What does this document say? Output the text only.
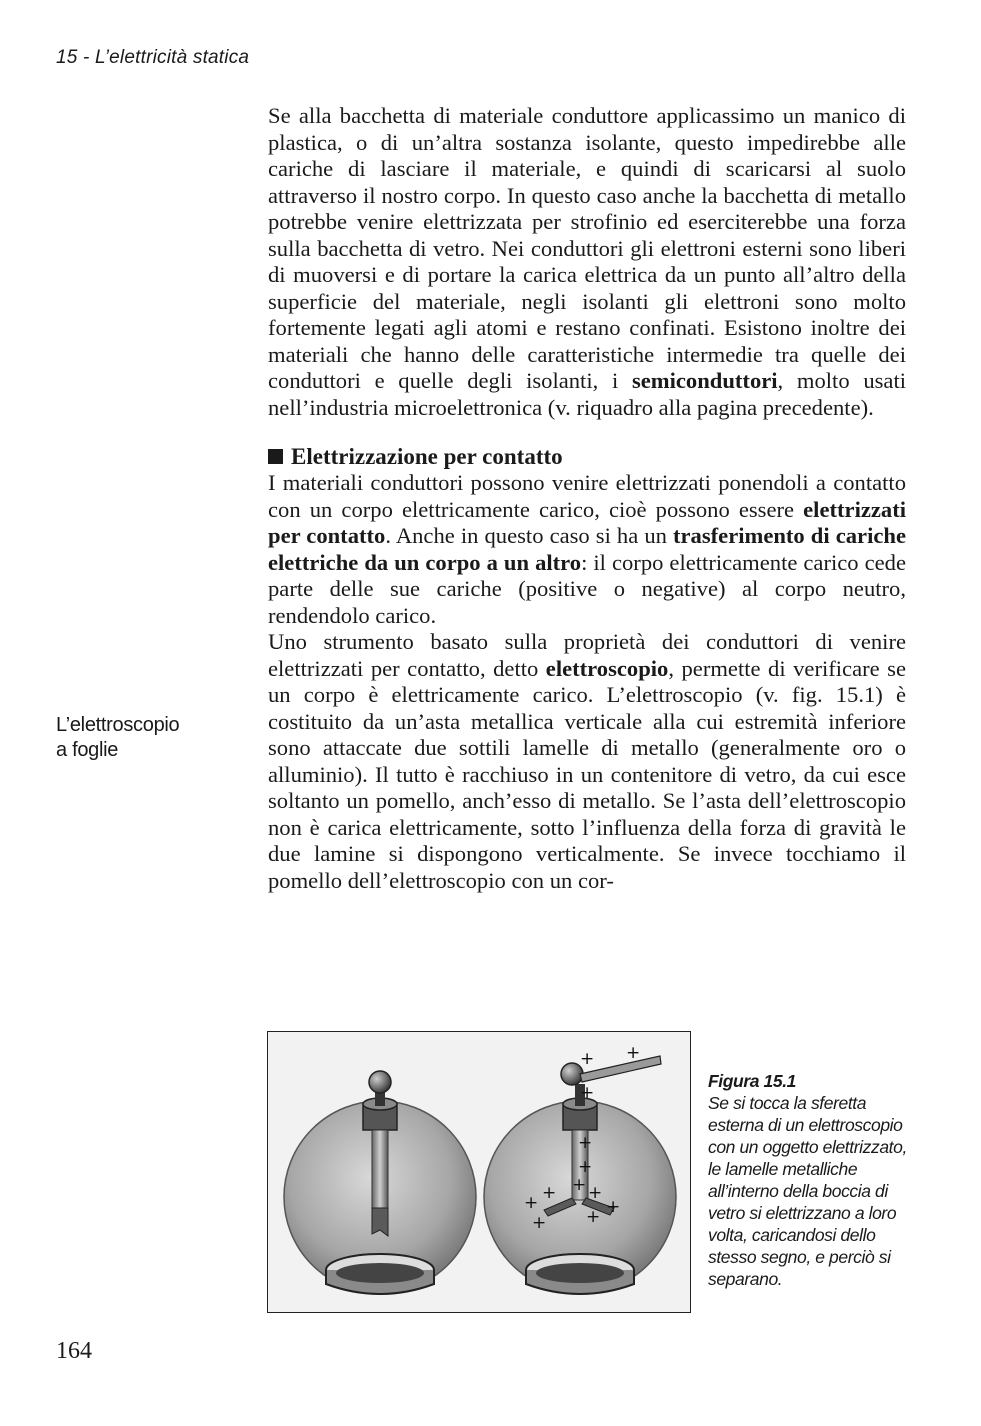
15 - L’elettricità statica

Se alla bacchetta di materiale conduttore applicassimo un manico di plastica, o di un’altra sostanza isolante, questo impedirebbe alle cariche di lasciare il materiale, e quindi di scaricarsi al suolo attraverso il nostro corpo. In questo caso anche la bacchetta di metallo potrebbe venire elettrizzata per strofinio ed eserciterebbe una forza sulla bacchetta di vetro. Nei conduttori gli elettroni esterni sono liberi di muoversi e di portare la carica elettrica da un punto all’altro della superficie del materiale, negli isolanti gli elettroni sono molto fortemente legati agli atomi e restano confinati. Esistono inoltre dei materiali che hanno delle caratteristiche intermedie tra quelle dei conduttori e quelle degli isolanti, i semiconduttori, molto usati nell’industria microelettronica (v. riquadro alla pagina precedente).

Elettrizzazione per contatto

I materiali conduttori possono venire elettrizzati ponendoli a contatto con un corpo elettricamente carico, cioè possono essere elettrizzati per contatto. Anche in questo caso si ha un trasferimento di cariche elettriche da un corpo a un altro: il corpo elettricamente carico cede parte delle sue cariche (positive o negative) al corpo neutro, rendendolo carico.

Uno strumento basato sulla proprietà dei conduttori di venire elettrizzati per contatto, detto elettroscopio, permette di verificare se un corpo è elettricamente carico. L’elettroscopio (v. fig. 15.1) è costituito da un’asta metallica verticale alla cui estremità inferiore sono attaccate due sottili lamelle di metallo (generalmente oro o alluminio). Il tutto è racchiuso in un contenitore di vetro, da cui esce soltanto un pomello, anch’esso di metallo. Se l’asta dell’elettroscopio non è carica elettricamente, sotto l’influenza della forza di gravità le due lamine si dispongono verticalmente. Se invece tocchiamo il pomello dell’elettroscopio con un cor-

L’elettroscopio
a foglie
+ +
+
+
+
+
+
+
+
+
+
+
Figura 15.1
Se si tocca la sferetta esterna di un elettroscopio con un oggetto elettrizzato, le lamelle metalliche all’interno della boccia di vetro si elettrizzano a loro volta, caricandosi dello stesso segno, e perciò si separano.
164
